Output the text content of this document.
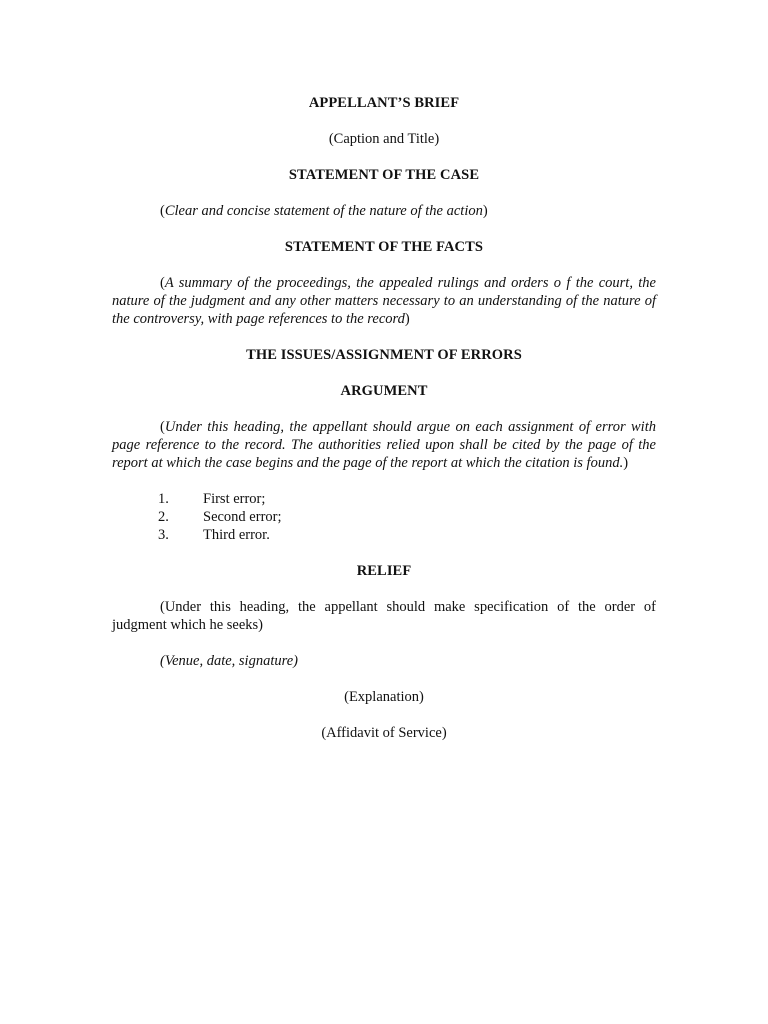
APPELLANT’S BRIEF

(Caption and Title)

STATEMENT OF THE CASE

(Clear and concise statement of the nature of the action)

STATEMENT OF THE FACTS

(A summary of the proceedings, the appealed rulings and orders o f the court, the nature of the judgment and any other matters necessary to an understanding of the nature of the controversy, with page references to the record)

THE ISSUES/ASSIGNMENT OF ERRORS

ARGUMENT

(Under this heading, the appellant should argue on each assignment of error with page reference to the record. The authorities relied upon shall be cited by the page of the report at which the case begins and the page of the report at which the citation is found.)

1.	First error;
2.	Second error;
3.	Third error.

RELIEF

(Under this heading, the appellant should make specification of the order of judgment which he seeks)

(Venue, date, signature)

(Explanation)

(Affidavit of Service)
